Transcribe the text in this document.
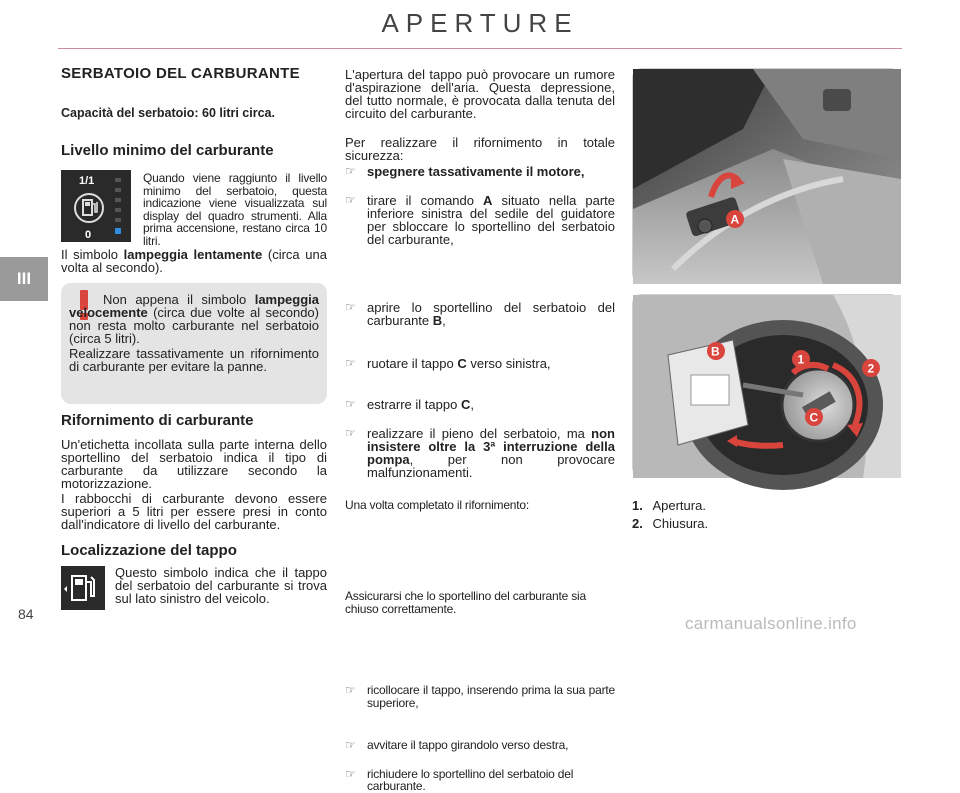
APERTURE
III
84	carmanualsonline.info
SERBATOIO DEL CARBURANTE
Capacità del serbatoio: 60 litri circa.
Livello minimo del carburante
1/1
0

Quando viene raggiunto il livello minimo del serbatoio, questa indicazione viene visualizzata sul display del quadro strumenti. Alla prima accensione, restano circa 10 litri.

Il simbolo lampeggia lentamente (circa una volta al secondo).

Non appena il simbolo lampeggia velocemente (circa due volte al secondo) non resta molto carburante nel serbatoio (circa 5 litri).

Realizzare tassativamente un rifornimento di carburante per evitare la panne.

Rifornimento di carburante

Un'etichetta incollata sulla parte interna dello sportellino del serbatoio indica il tipo di carburante da utilizzare secondo la motorizzazione.

I rabbocchi di carburante devono essere superiori a 5 litri per essere presi in conto dall'indicatore di livello del carburante.

Localizzazione del tappo

Questo simbolo indica che il tappo del serbatoio del carburante si trova sul lato sinistro del veicolo.

L'apertura del tappo può provocare un rumore d'aspirazione dell'aria. Questa depressione, del tutto normale, è provocata dalla tenuta del circuito del carburante.

Per realizzare il rifornimento in totale sicurezza:

☞ spegnere tassativamente il motore,

☞ tirare il comando A situato nella parte inferiore sinistra del sedile del guidatore per sbloccare lo sportellino del serbatoio del carburante,

☞ aprire lo sportellino del serbatoio del carburante B,

☞ ruotare il tappo C verso sinistra,

☞ estrarre il tappo C,

☞ realizzare il pieno del serbatoio, ma non insistere oltre la 3ª interruzione della pompa, per non provocare malfunzionamenti.

Una volta completato il rifornimento:

☞ ricollocare il tappo, inserendo prima la sua parte superiore,

☞ avvitare il tappo girandolo verso destra,

☞ richiudere lo sportellino del serbatoio del carburante.

Assicurarsi che lo sportellino del carburante sia chiuso correttamente.

A
B
1
2
C
1. Apertura.
2. Chiusura.
